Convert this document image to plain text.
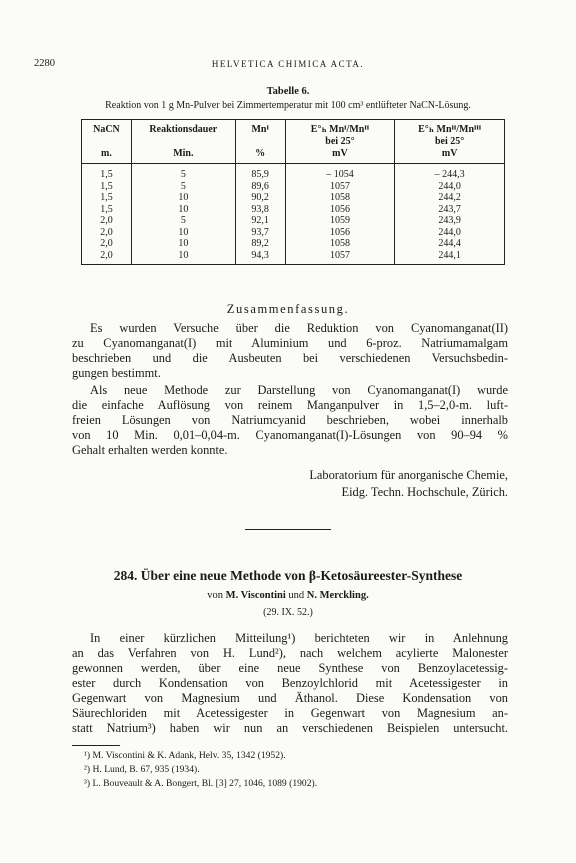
2280	HELVETICA CHIMICA ACTA.
Tabelle 6.
Reaktion von 1 g Mn-Pulver bei Zimmertemperatur mit 100 cm³ entlüfteter NaCN-Lösung.
NaCN	Reaktionsdauer	Mnᴵ	E°ₕ Mnᴵ/Mnᴵᴵ	E°ₕ Mnᴵᴵ/Mnᴵᴵᴵ
			bei 25°	bei 25°
m.	Min.	%	mV	mV
1,5	5	85,9	– 1054	– 244,3
1,5	5	89,6	1057	244,0
1,5	10	90,2	1058	244,2
1,5	10	93,8	1056	243,7
2,0	5	92,1	1059	243,9
2,0	10	93,7	1056	244,0
2,0	10	89,2	1058	244,4
2,0	10	94,3	1057	244,1
Zusammenfassung.
Es wurden Versuche über die Reduktion von Cyanomanganat(II)
zu Cyanomanganat(I) mit Aluminium und 6-proz. Natriumamalgam
beschrieben und die Ausbeuten bei verschiedenen Versuchsbedin-
gungen bestimmt.
Als neue Methode zur Darstellung von Cyanomanganat(I) wurde
die einfache Auflösung von reinem Manganpulver in 1,5–2,0-m. luft-
freien Lösungen von Natriumcyanid beschrieben, wobei innerhalb
von 10 Min. 0,01–0,04-m. Cyanomanganat(I)-Lösungen von 90–94 %
Gehalt erhalten werden konnte.
Laboratorium für anorganische Chemie,
Eidg. Techn. Hochschule, Zürich.
284. Über eine neue Methode von β-Ketosäureester-Synthese
von M. Viscontini und N. Merckling.
(29. IX. 52.)
In einer kürzlichen Mitteilung¹) berichteten wir in Anlehnung
an das Verfahren von H. Lund²), nach welchem acylierte Malonester
gewonnen werden, über eine neue Synthese von Benzoylacetessig-
ester durch Kondensation von Benzoylchlorid mit Acetessigester in
Gegenwart von Magnesium und Äthanol. Diese Kondensation von
Säurechloriden mit Acetessigester in Gegenwart von Magnesium an-
statt Natrium³) haben wir nun an verschiedenen Beispielen untersucht.
¹) M. Viscontini & K. Adank, Helv. 35, 1342 (1952).
²) H. Lund, B. 67, 935 (1934).
³) L. Bouveault & A. Bongert, Bl. [3] 27, 1046, 1089 (1902).
